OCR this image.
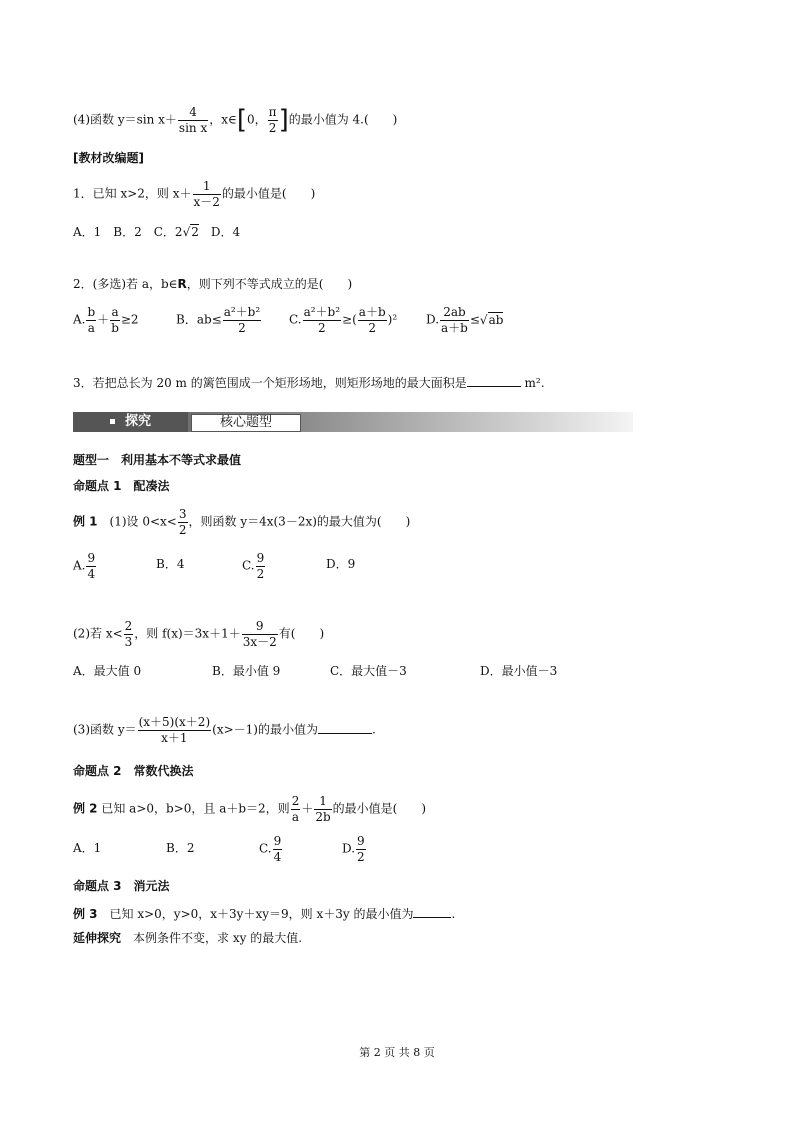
(4)函数 y＝sin $x+ \frac{4}{\text{sin x}}$ ，x∈[0， $\frac{\pi}{2}$ ]的最小值为 4.(　　)
[教材改编题]
1．已知 x>2，则 $x+ \frac{1}{x-2}$ 的最小值是(　　)
A．1　B．2　C．2√2　D．4
2．(多选)若 a，b∈R，则下列不等式成立的是(　　)
A. $\frac{b}{a} + \frac{a}{b} \ge 2$	B．$ab\le \frac{\text{a²＋b²}}{2} C$. $\frac{\text{a²＋b²}}{2}$ ≥( $\frac{a+b}{2} )^2$ D. $\frac{2ab}{a+b} \le√ab$
3．若把总长为 20 m 的篱笆围成一个矩形场地，则矩形场地的最大面积是	m².
探究	核心题型
题型一　利用基本不等式求最值
命题点 1　配凑法
例 1　(1)设 $0<x< \frac{3}{2}$ ，则函数 y＝4x(3－2x)的最大值为(　　)
A. $\frac{9}{4}$	B．4	C. $\frac{9}{2}$	D．9
(2)若 $x< \frac{2}{3}$ ，则 $f(x)=3x+1+ \frac{9}{3x-2}$ 有(　　)
A．最大值 0	B．最小值 9	C．最大值－3	D．最小值－3
(3)函数 $y= \frac{(x+5)(x+2)}{x+1} (x>-1)$的最小值为	.
命题点 2　常数代换法
例 2 已知 a>0，b>0，且 a＋b＝2，则 $\frac{2}{a} + \frac{1}{2b}$ 的最小值是(　　)
A．1	B．2	C. $\frac{9}{4}$	D. $\frac{9}{2}$
命题点 3　消元法
例 3　已知 x>0，y>0，x＋3y＋xy＝9，则 x＋3y 的最小值为	.
延伸探究　本例条件不变，求 xy 的最大值.
第 2 页 共 8 页
